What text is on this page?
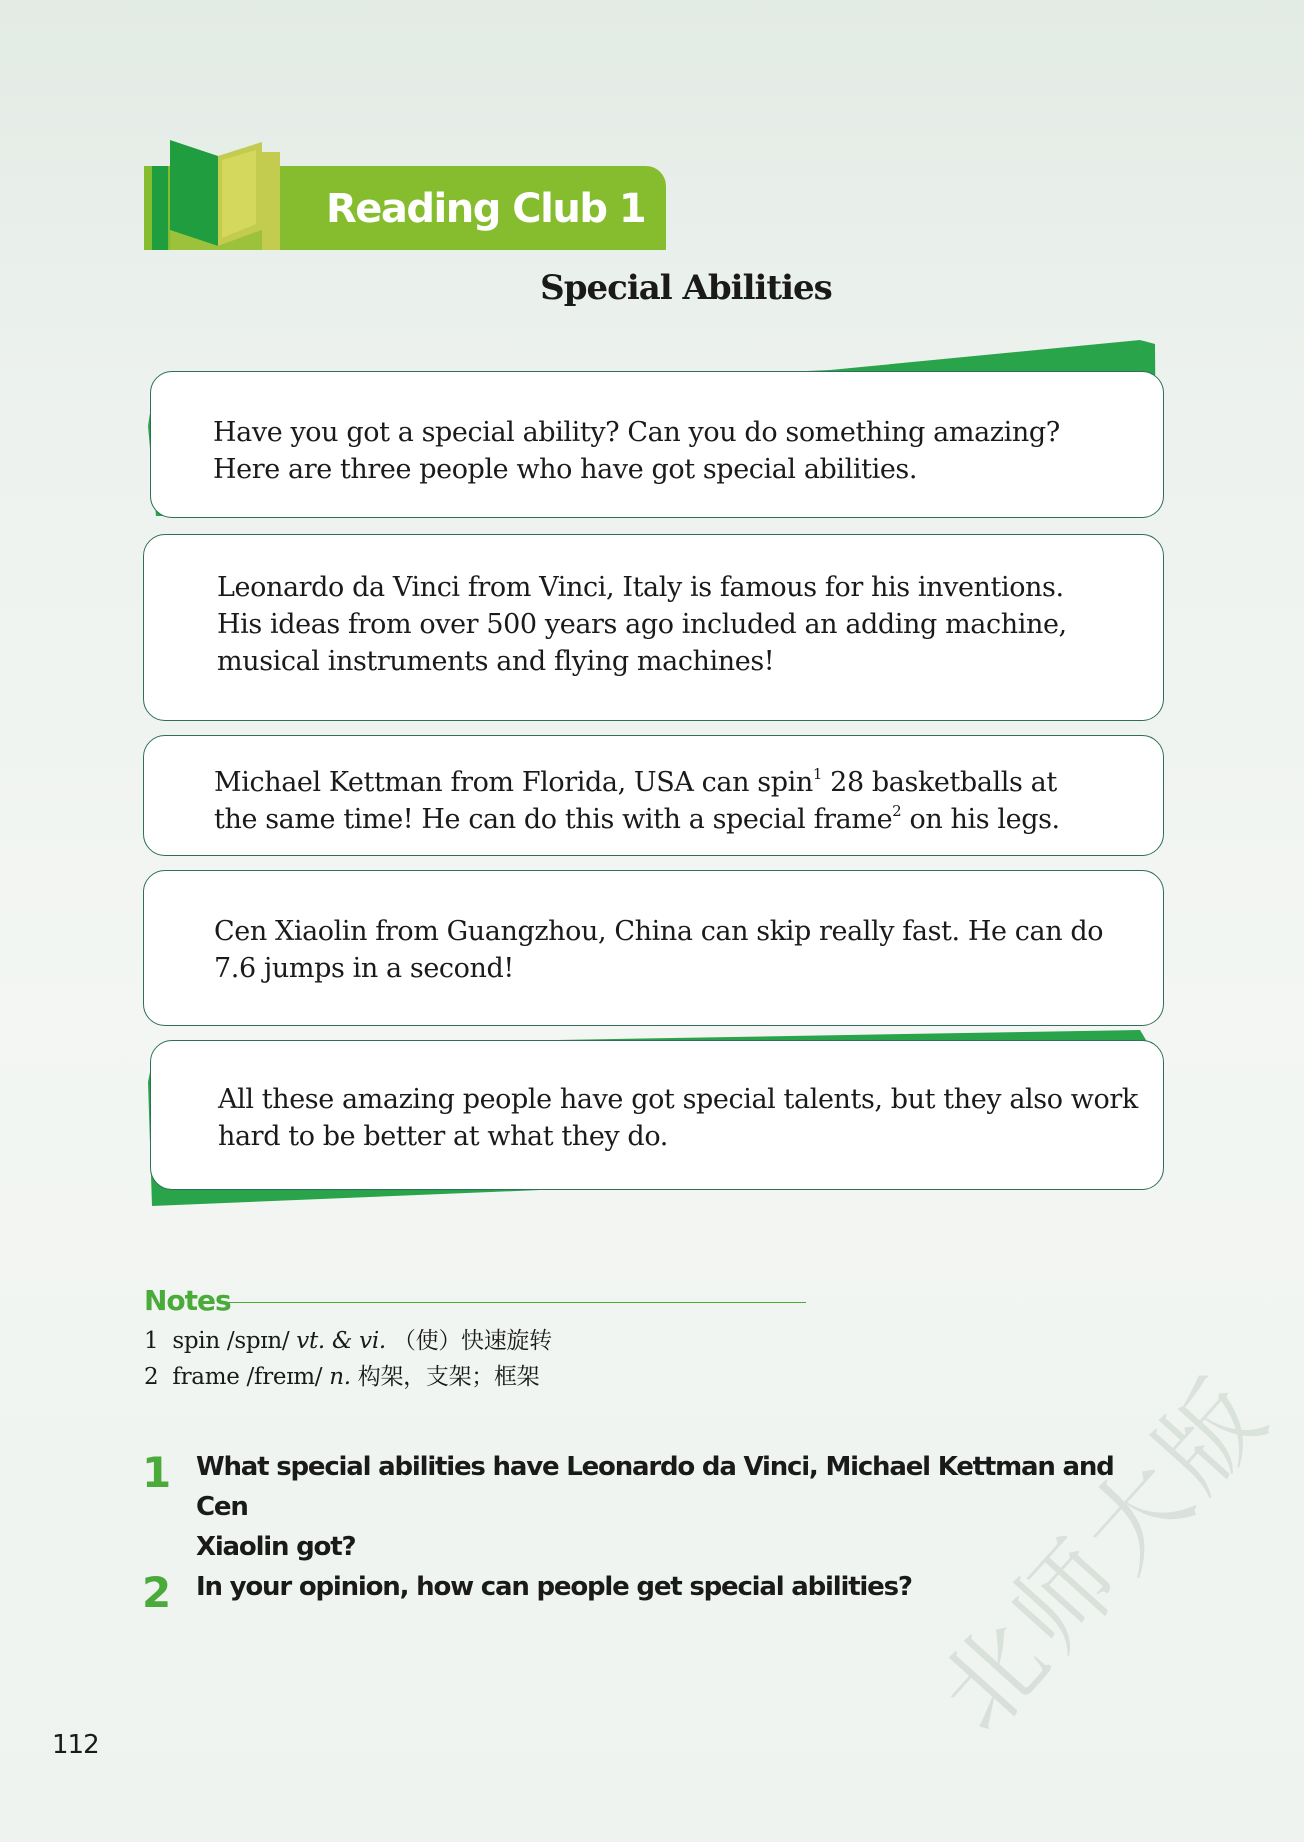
Reading Club 1
Special Abilities

Have you got a special ability? Can you do something amazing?

Here are three people who have got special abilities.

Leonardo da Vinci from Vinci, Italy is famous for his inventions.

His ideas from over 500 years ago included an adding machine,

musical instruments and flying machines!

Michael Kettman from Florida, USA can spin$^1$ 28 basketballs at

the same time! He can do this with a special frame$^2$ on his legs.

Cen Xiaolin from Guangzhou, China can skip really fast. He can do

7.6 jumps in a second!

All these amazing people have got special talents, but they also work

hard to be better at what they do.

Notes
1 spin /spɪn/ vt. & vi. （使）快速旋转
2 frame /freɪm/ n. 构架，支架；框架
1 What special abilities have Leonardo da Vinci, Michael Kettman and Cen
Xiaolin got?
2 In your opinion, how can people get special abilities?
112	北师大版
